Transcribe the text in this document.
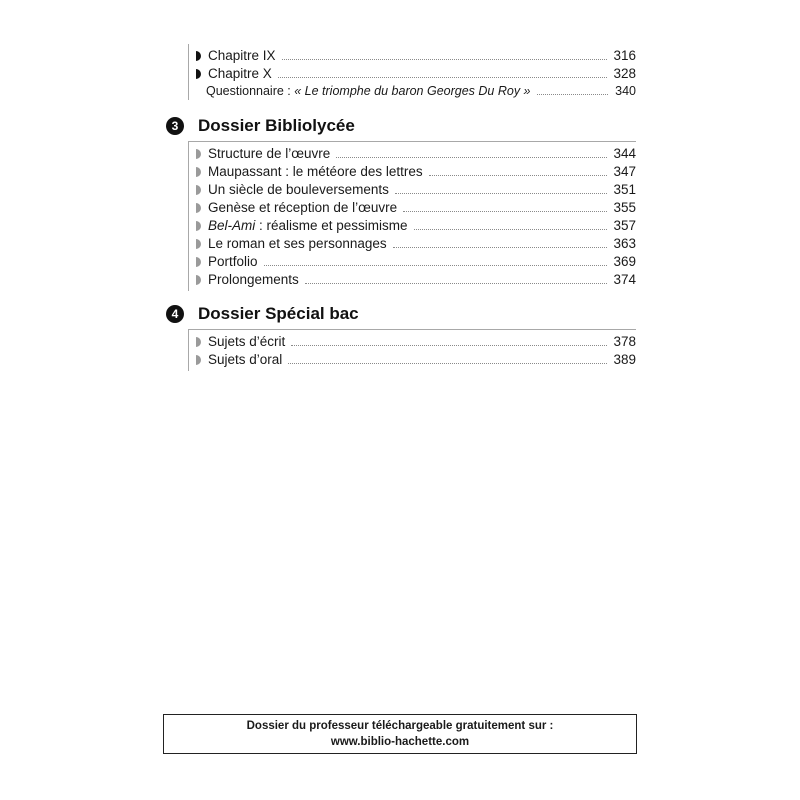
Chapitre IX	316
Chapitre X	328
Questionnaire : « Le triomphe du baron Georges Du Roy »	340
3	Dossier Bibliolycée
Structure de l’œuvre	344
Maupassant : le météore des lettres	347
Un siècle de bouleversements	351
Genèse et réception de l’œuvre	355
Bel-Ami : réalisme et pessimisme	357
Le roman et ses personnages	363
Portfolio	369
Prolongements	374
4	Dossier Spécial bac
Sujets d’écrit	378
Sujets d’oral	389
Dossier du professeur téléchargeable gratuitement sur :
www.biblio-hachette.com
